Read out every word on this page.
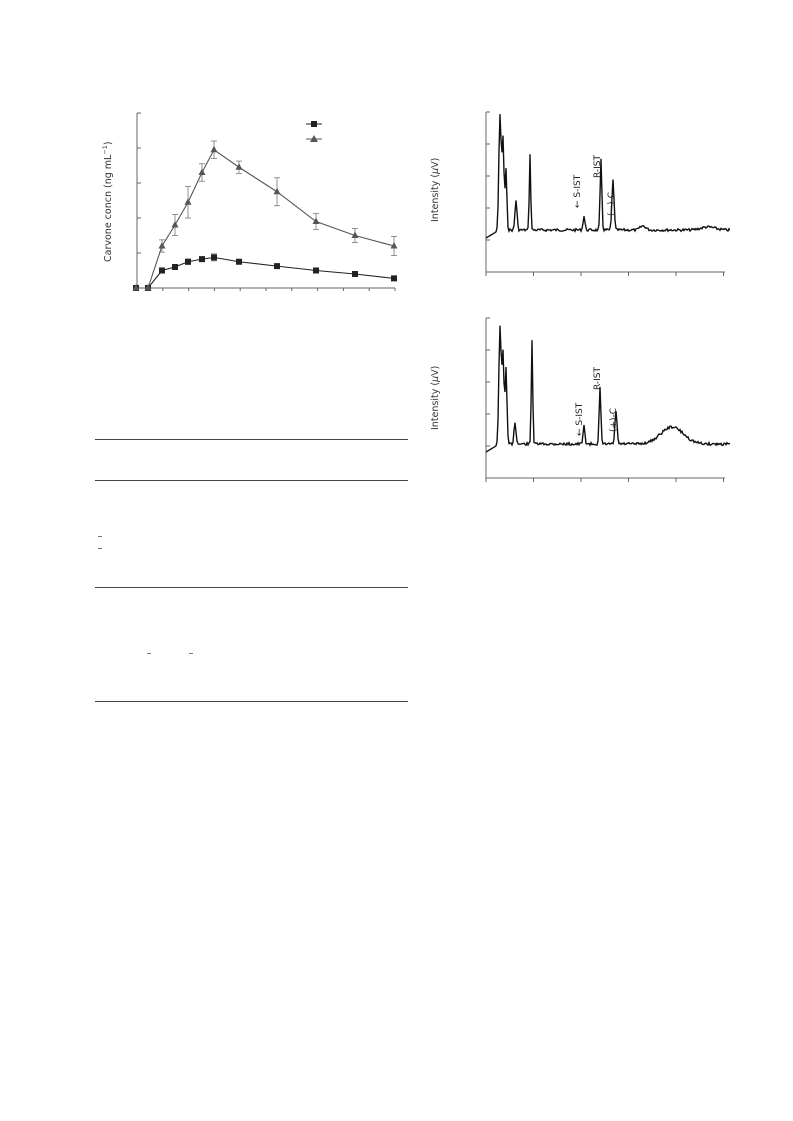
Carvone concn (ng $mL^{-1}$)
Intensity (μV)
← S-IST
R-IST
(−)-C
Intensity (μV)
← S-IST
R-IST
(+)-C
